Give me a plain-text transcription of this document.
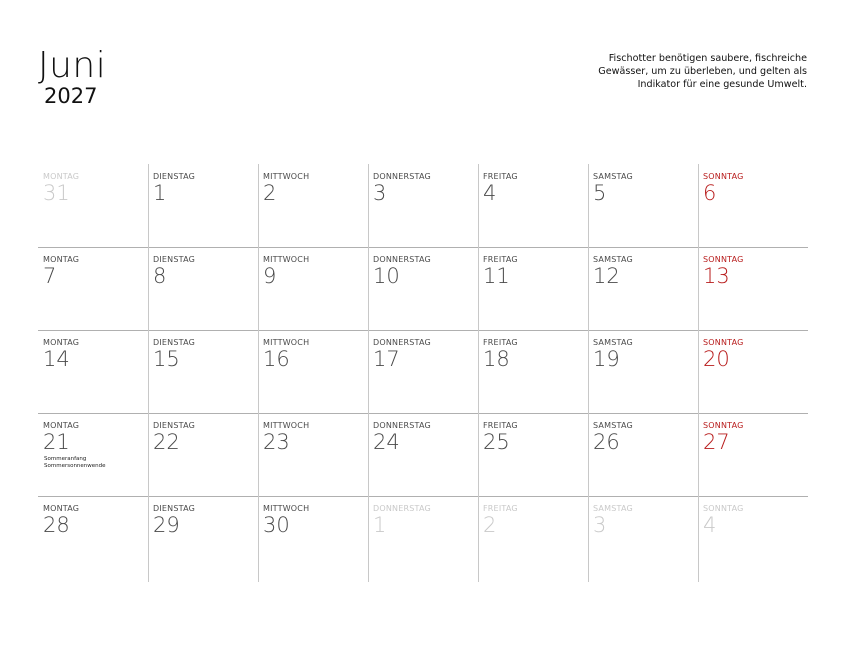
Juni
2027
Fischotter benötigen saubere, fischreiche
Gewässer, um zu überleben, und gelten als
Indikator für eine gesunde Umwelt.
MONTAG
31
DIENSTAG
1
MITTWOCH
2
DONNERSTAG
3
FREITAG
4
SAMSTAG
5
SONNTAG
6
MONTAG
7
DIENSTAG
8
MITTWOCH
9
DONNERSTAG
10
FREITAG
11
SAMSTAG
12
SONNTAG
13
MONTAG
14
DIENSTAG
15
MITTWOCH
16
DONNERSTAG
17
FREITAG
18
SAMSTAG
19
SONNTAG
20
MONTAG
21
Sommeranfang
Sommersonnenwende
DIENSTAG
22
MITTWOCH
23
DONNERSTAG
24
FREITAG
25
SAMSTAG
26
SONNTAG
27
MONTAG
28
DIENSTAG
29
MITTWOCH
30
DONNERSTAG
1
FREITAG
2
SAMSTAG
3
SONNTAG
4
